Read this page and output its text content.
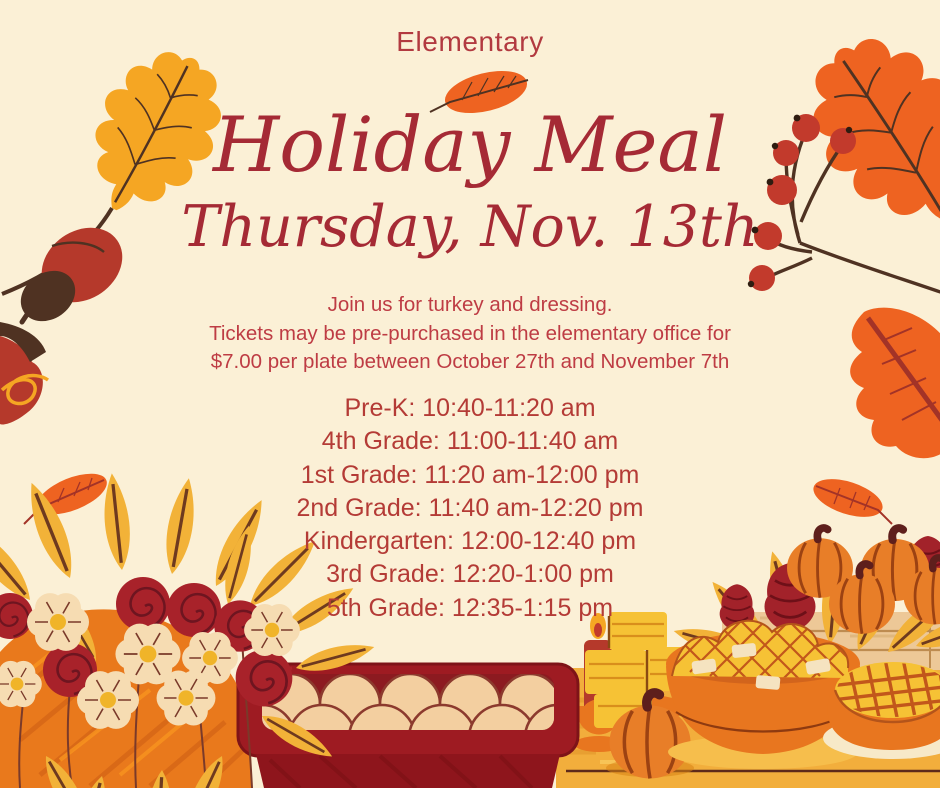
Elementary
Holiday Meal
Thursday, Nov. 13th
Join us for turkey and dressing.
Tickets may be pre-purchased in the elementary office for
$7.00 per plate between October 27th and November 7th
Pre-K: 10:40-11:20 am
4th Grade: 11:00-11:40 am
1st Grade: 11:20 am-12:00 pm
2nd Grade: 11:40 am-12:20 pm
Kindergarten: 12:00-12:40 pm
3rd Grade: 12:20-1:00 pm
5th Grade: 12:35-1:15 pm
